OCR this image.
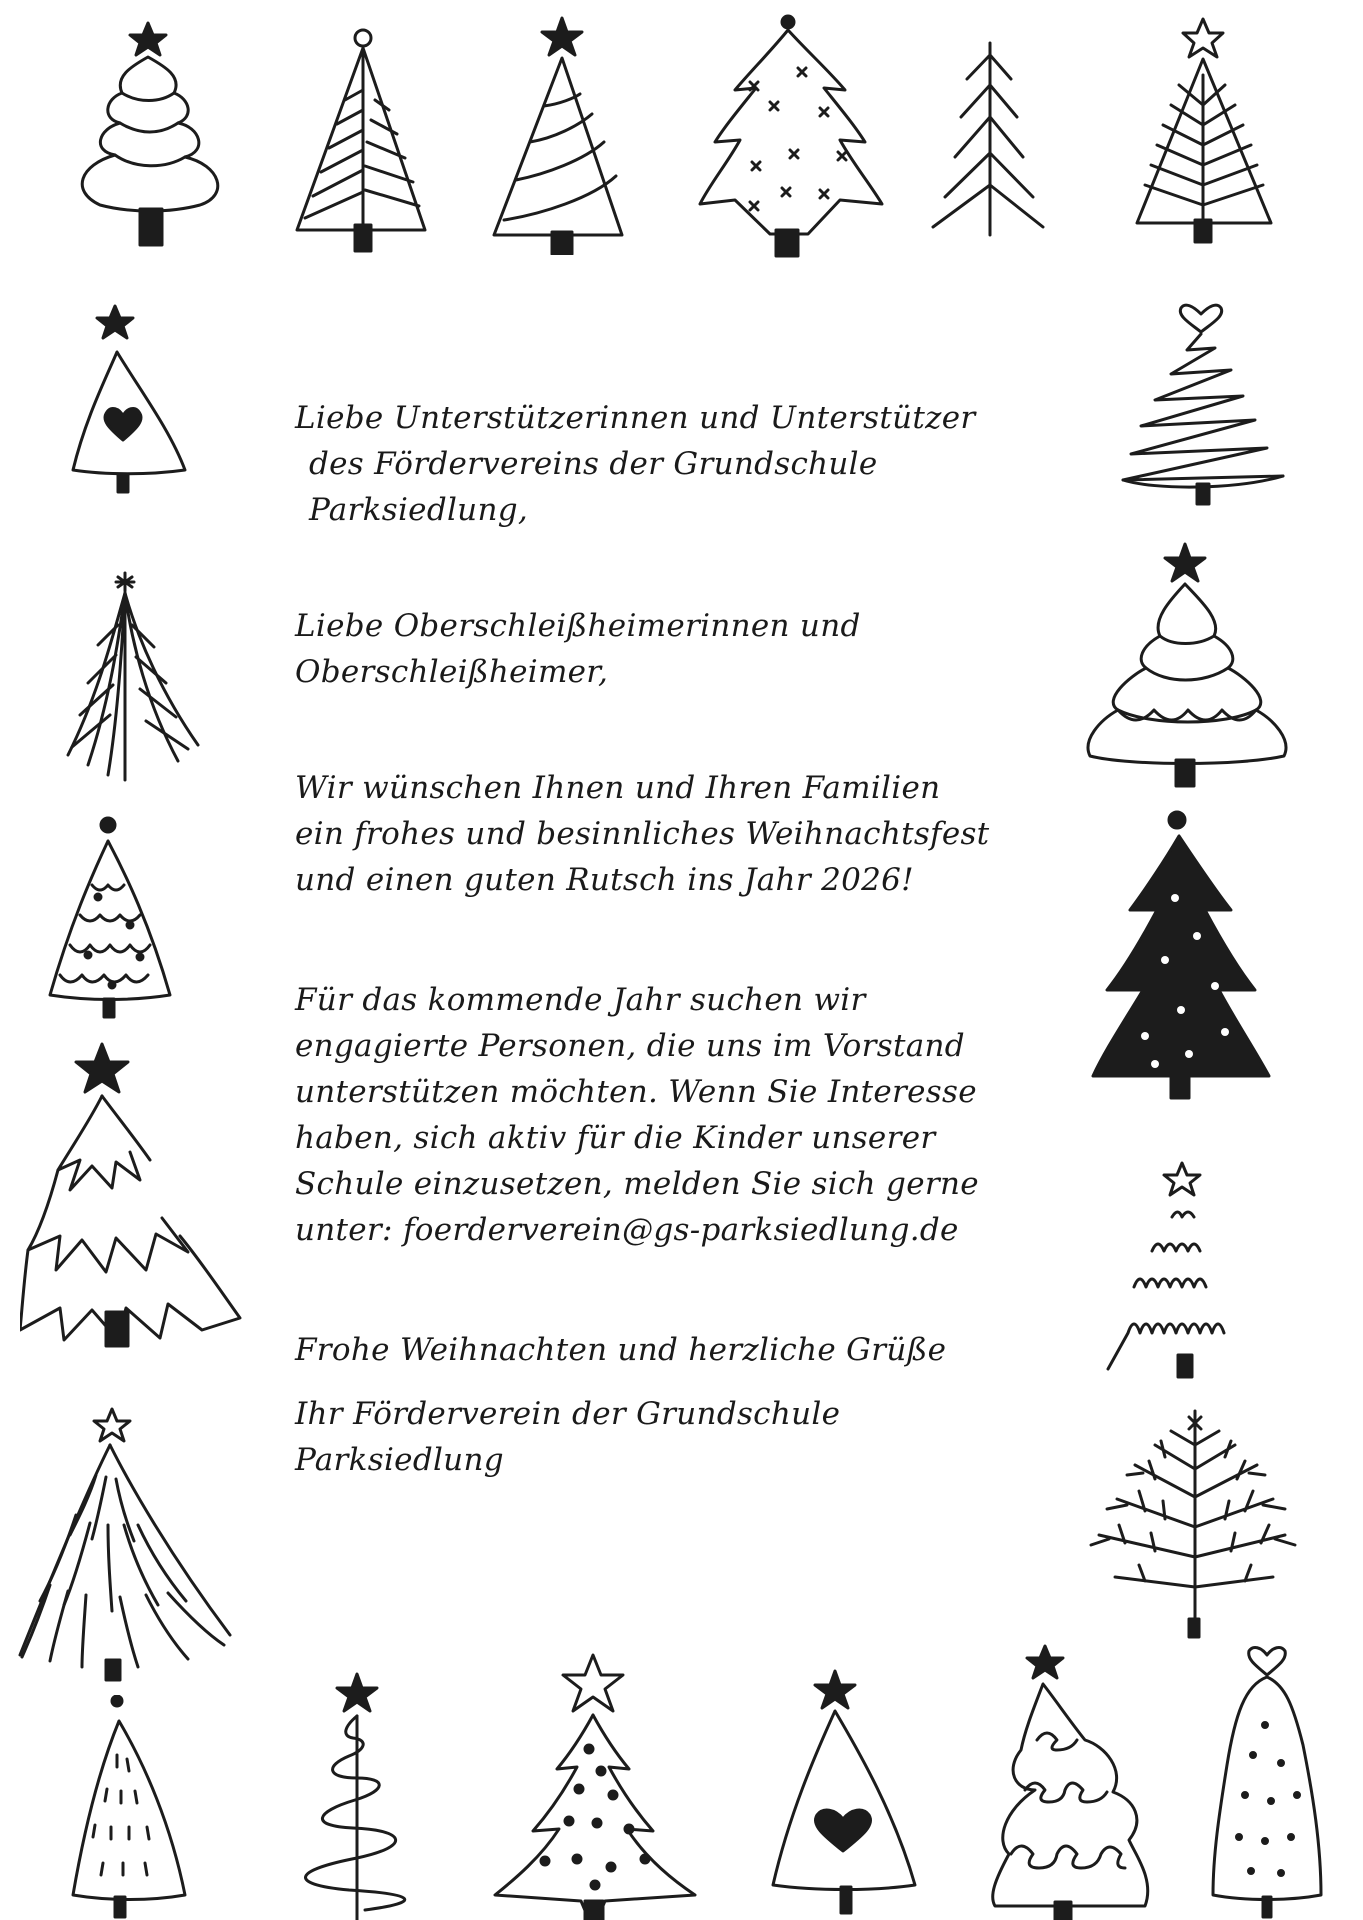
Liebe Unterstützerinnen und Unterstützer
des Fördervereins der Grundschule
Parksiedlung,

Liebe Oberschleißheimerinnen und
Oberschleißheimer,

Wir wünschen Ihnen und Ihren Familien
ein frohes und besinnliches Weihnachtsfest
und einen guten Rutsch ins Jahr 2026!

Für das kommende Jahr suchen wir
engagierte Personen, die uns im Vorstand
unterstützen möchten. Wenn Sie Interesse
haben, sich aktiv für die Kinder unserer
Schule einzusetzen, melden Sie sich gerne
unter: foerderverein@gs-parksiedlung.de

Frohe Weihnachten und herzliche Grüße

Ihr Förderverein der Grundschule
Parksiedlung
